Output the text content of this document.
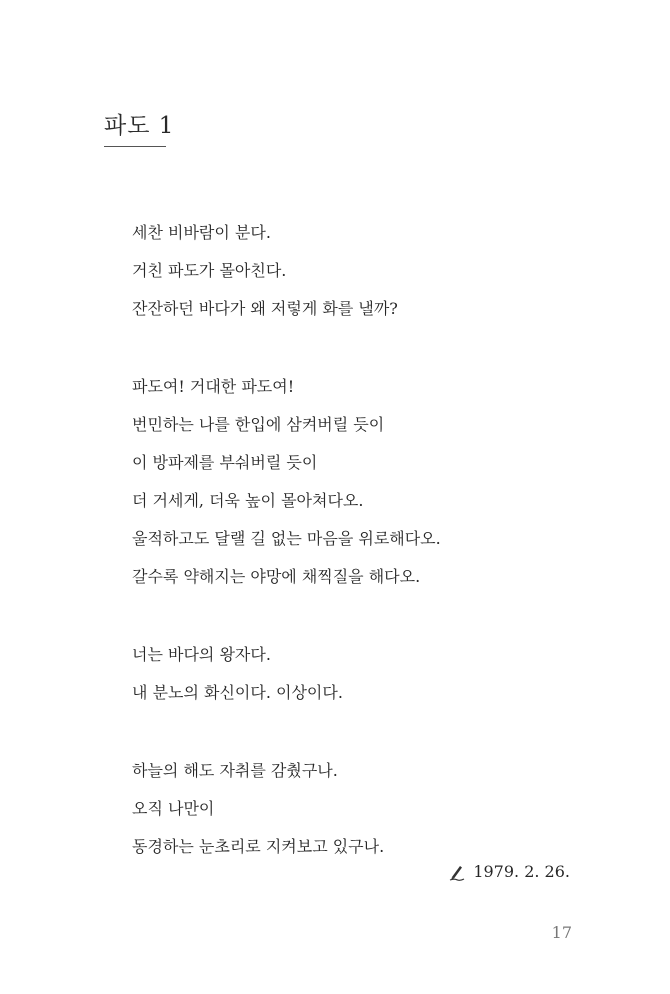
파도 1
세찬 비바람이 분다.
거친 파도가 몰아친다.
잔잔하던 바다가 왜 저렇게 화를 낼까?
파도여! 거대한 파도여!
번민하는 나를 한입에 삼켜버릴 듯이
이 방파제를 부숴버릴 듯이
더 거세게, 더욱 높이 몰아쳐다오.
울적하고도 달랠 길 없는 마음을 위로해다오.
갈수록 약해지는 야망에 채찍질을 해다오.
너는 바다의 왕자다.
내 분노의 화신이다. 이상이다.
하늘의 해도 자취를 감췄구나.
오직 나만이
동경하는 눈초리로 지켜보고 있구나.
1979. 2. 26.
17
